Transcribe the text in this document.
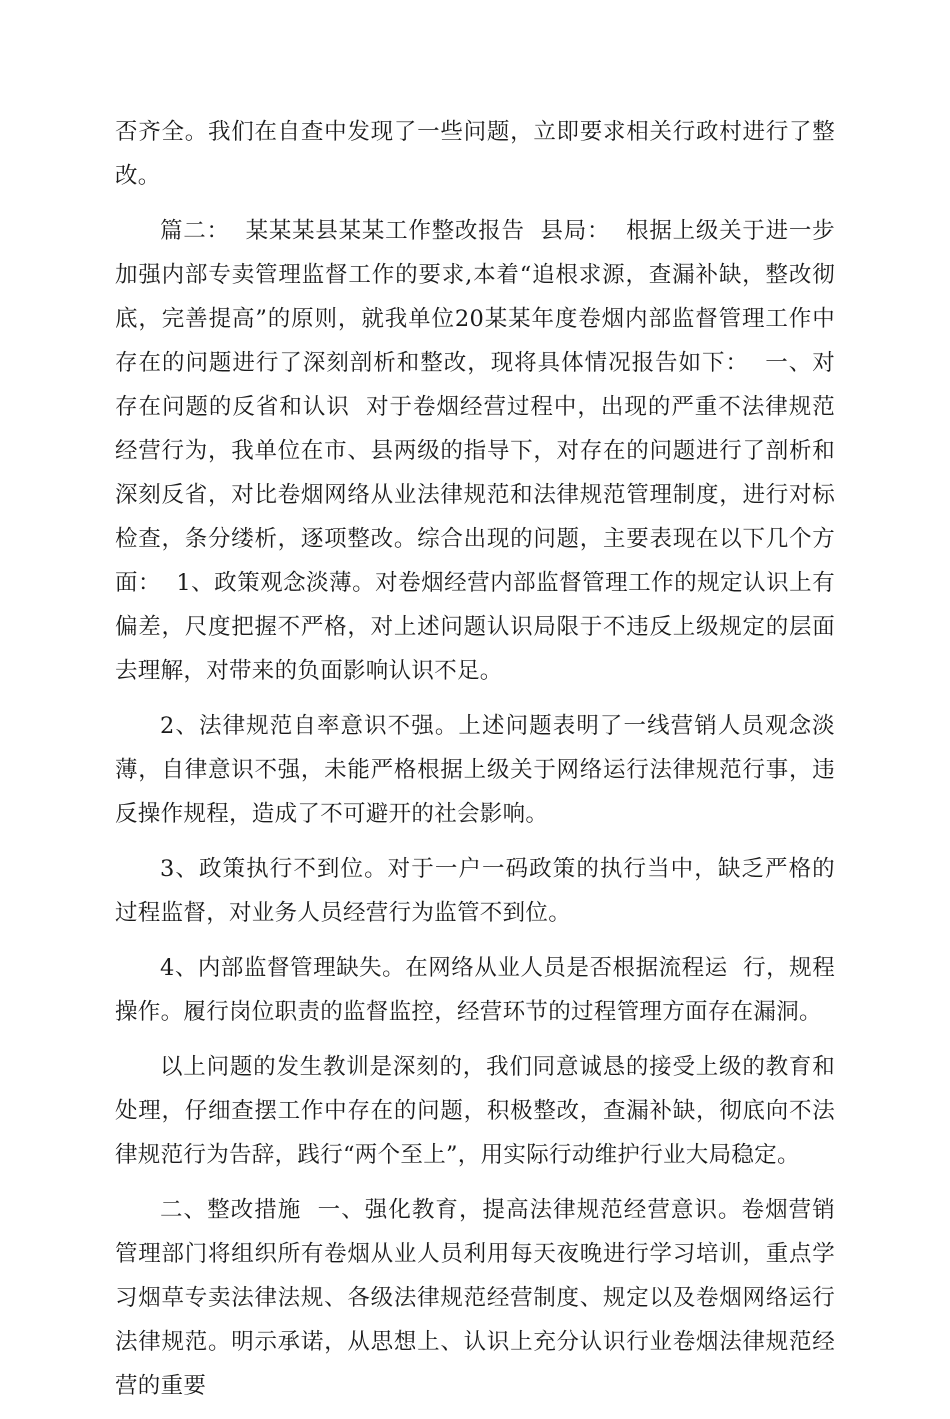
否齐全。我们在自查中发现了一些问题，立即要求相关行政村进行了整改。

篇二：  某某某县某某工作整改报告  县局：  根据上级关于进一步加强内部专卖管理监督工作的要求,本着“追根求源，查漏补缺，整改彻底，完善提高”的原则，就我单位20某某年度卷烟内部监督管理工作中存在的问题进行了深刻剖析和整改，现将具体情况报告如下：  一、对存在问题的反省和认识  对于卷烟经营过程中，出现的严重不法律规范经营行为，我单位在市、县两级的指导下，对存在的问题进行了剖析和深刻反省，对比卷烟网络从业法律规范和法律规范管理制度，进行对标检查，条分缕析，逐项整改。综合出现的问题，主要表现在以下几个方面：  1、政策观念淡薄。对卷烟经营内部监督管理工作的规定认识上有偏差，尺度把握不严格，对上述问题认识局限于不违反上级规定的层面去理解，对带来的负面影响认识不足。

2、法律规范自率意识不强。上述问题表明了一线营销人员观念淡薄，自律意识不强，未能严格根据上级关于网络运行法律规范行事，违反操作规程，造成了不可避开的社会影响。

3、政策执行不到位。对于一户一码政策的执行当中，缺乏严格的过程监督，对业务人员经营行为监管不到位。

4、内部监督管理缺失。在网络从业人员是否根据流程运  行，规程操作。履行岗位职责的监督监控，经营环节的过程管理方面存在漏洞。

以上问题的发生教训是深刻的，我们同意诚恳的接受上级的教育和处理，仔细查摆工作中存在的问题，积极整改，查漏补缺，彻底向不法律规范行为告辞，践行“两个至上”，用实际行动维护行业大局稳定。

二、整改措施  一、强化教育，提高法律规范经营意识。卷烟营销管理部门将组织所有卷烟从业人员利用每天夜晚进行学习培训，重点学习烟草专卖法律法规、各级法律规范经营制度、规定以及卷烟网络运行法律规范。明示承诺，从思想上、认识上充分认识行业卷烟法律规范经营的重要
